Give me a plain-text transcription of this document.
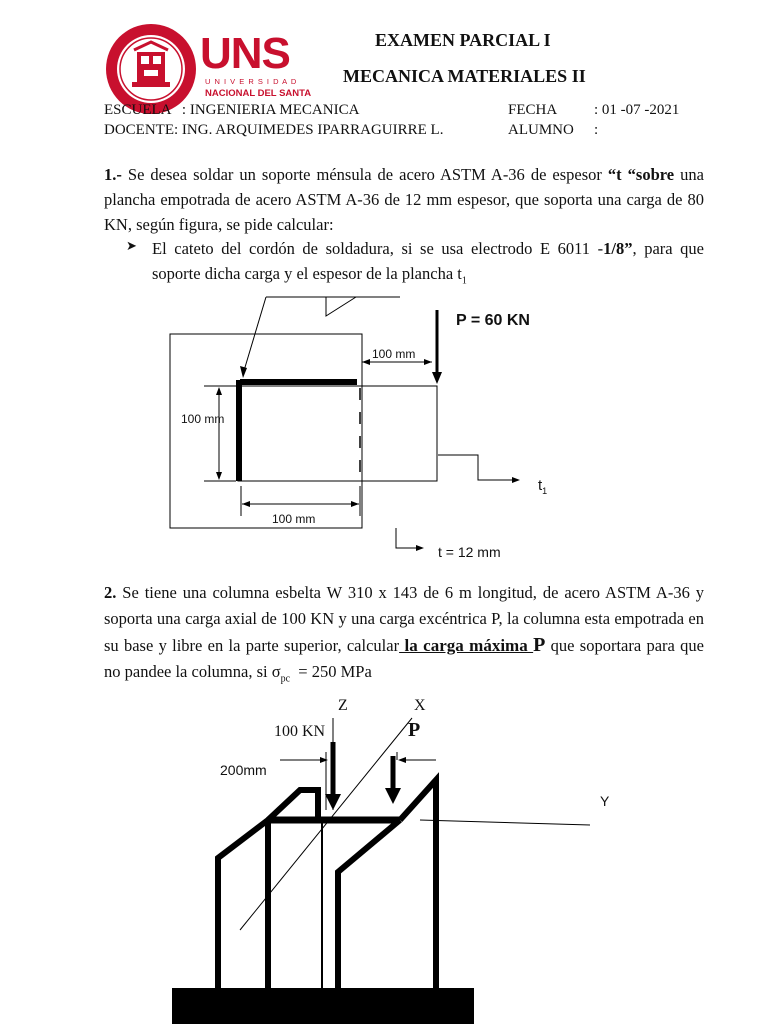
UNS
U N I V E R S I D A D
NACIONAL DEL SANTA
EXAMEN PARCIAL I
MECANICA MATERIALES II
ESCUELA   : INGENIERIA MECANICA
DOCENTE: ING. ARQUIMEDES IPARRAGUIRRE L.
FECHA : 01 -07 -2021
ALUMNO :
1.- Se desea soldar un soporte ménsula de acero ASTM A-36 de espesor “t “sobre una plancha empotrada de acero ASTM A-36 de 12 mm espesor, que soporta una carga de 80 KN, según figura, se pide calcular:
➤ El cateto del cordón de soldadura, si se usa electrodo E 6011 -1/8”, para que soporte dicha carga y el espesor de la plancha $t_1$
P = 60 KN
100 mm
100 mm
100 mm
$t_1$
t = 12 mm
2. Se tiene una columna esbelta W 310 x 143 de 6 m longitud, de acero ASTM A-36 y soporta una carga axial de 100 KN y una carga excéntrica P, la columna esta empotrada en su base y libre en la parte superior, calcular la carga máxima P que soportara para que no pandee la columna, si $\sigma_{pc} = 250$ MPa
Z	X
Y
100 KN	P
200mm
